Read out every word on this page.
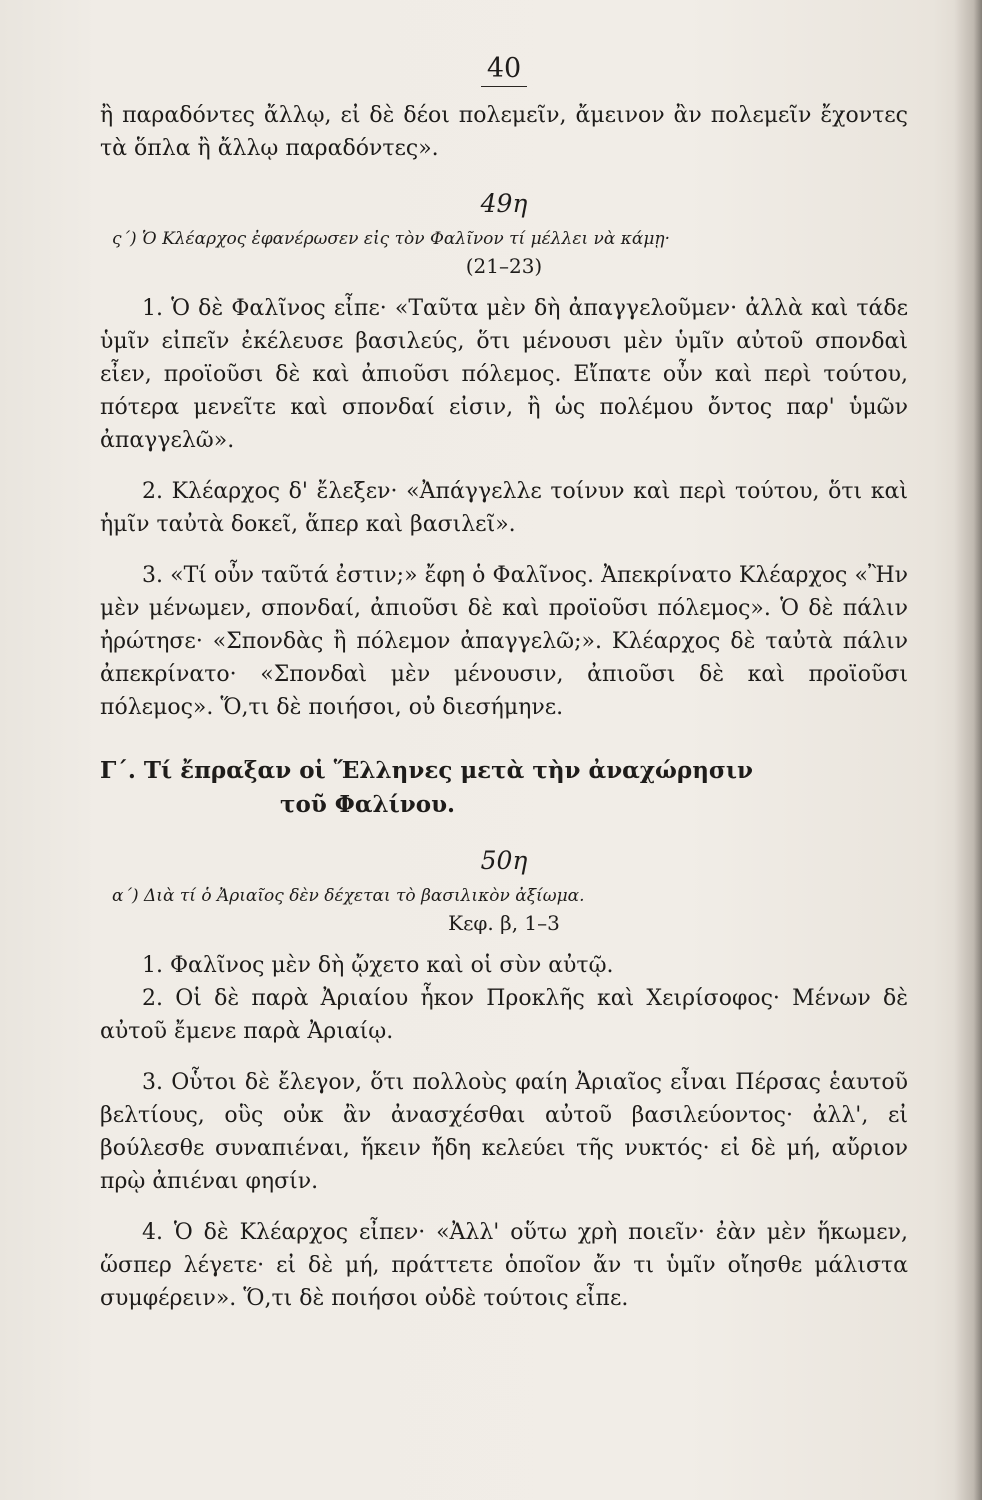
40

ἢ παραδόντες ἄλλῳ, εἰ δὲ δέοι πολεμεῖν, ἄμεινον ἂν πολεμεῖν ἔχοντες τὰ ὅπλα ἢ ἄλλῳ παραδόντες».

49η
ς´) Ὁ Κλέαρχος ἐφανέρωσεν εἰς τὸν Φαλῖνον τί μέλλει νὰ κάμῃ·
(21–23)

1. Ὁ δὲ Φαλῖνος εἶπε· «Ταῦτα μὲν δὴ ἀπαγγελοῦμεν· ἀλλὰ καὶ τάδε ὑμῖν εἰπεῖν ἐκέλευσε βασιλεύς, ὅτι μένουσι μὲν ὑμῖν αὐτοῦ σπονδαὶ εἶεν, προϊοῦσι δὲ καὶ ἀπιοῦσι πόλεμος. Εἴπατε οὖν καὶ περὶ τούτου, πότερα μενεῖτε καὶ σπονδαί εἰσιν, ἢ ὡς πολέμου ὄντος παρ' ὑμῶν ἀπαγγελῶ».

2. Κλέαρχος δ' ἔλεξεν· «Ἀπάγγελλε τοίνυν καὶ περὶ τούτου, ὅτι καὶ ἡμῖν ταὐτὰ δοκεῖ, ἅπερ καὶ βασιλεῖ».

3. «Τί οὖν ταῦτά ἐστιν;» ἔφη ὁ Φαλῖνος. Ἀπεκρίνατο Κλέαρχος «Ἢν μὲν μένωμεν, σπονδαί, ἀπιοῦσι δὲ καὶ προϊοῦσι πόλεμος». Ὁ δὲ πάλιν ἠρώτησε· «Σπονδὰς ἢ πόλεμον ἀπαγγελῶ;». Κλέαρχος δὲ ταὐτὰ πάλιν ἀπεκρίνατο· «Σπονδαὶ μὲν μένουσιν, ἀπιοῦσι δὲ καὶ προϊοῦσι πόλεμος». Ὅ,τι δὲ ποιήσοι, οὐ διεσήμηνε.

Γ´. Τί ἔπραξαν οἱ Ἕλληνες μετὰ τὴν ἀναχώρησιν
τοῦ Φαλίνου.
50η
α´) Διὰ τί ὁ Ἀριαῖος δὲν δέχεται τὸ βασιλικὸν ἀξίωμα.
Κεφ. β, 1–3

1. Φαλῖνος μὲν δὴ ᾤχετο καὶ οἱ σὺν αὐτῷ.

2. Οἱ δὲ παρὰ Ἀριαίου ἧκον Προκλῆς καὶ Χειρίσοφος· Μένων δὲ αὐτοῦ ἔμενε παρὰ Ἀριαίῳ.

3. Οὗτοι δὲ ἔλεγον, ὅτι πολλοὺς φαίη Ἀριαῖος εἶναι Πέρσας ἑαυτοῦ βελτίους, οὓς οὐκ ἂν ἀνασχέσθαι αὐτοῦ βασιλεύοντος· ἀλλ', εἰ βούλεσθε συναπιέναι, ἥκειν ἤδη κελεύει τῆς νυκτός· εἰ δὲ μή, αὔριον πρῲ ἀπιέναι φησίν.

4. Ὁ δὲ Κλέαρχος εἶπεν· «Ἀλλ' οὕτω χρὴ ποιεῖν· ἐὰν μὲν ἥκωμεν, ὥσπερ λέγετε· εἰ δὲ μή, πράττετε ὁποῖον ἄν τι ὑμῖν οἴησθε μάλιστα συμφέρειν». Ὅ,τι δὲ ποιήσοι οὐδὲ τούτοις εἶπε.
